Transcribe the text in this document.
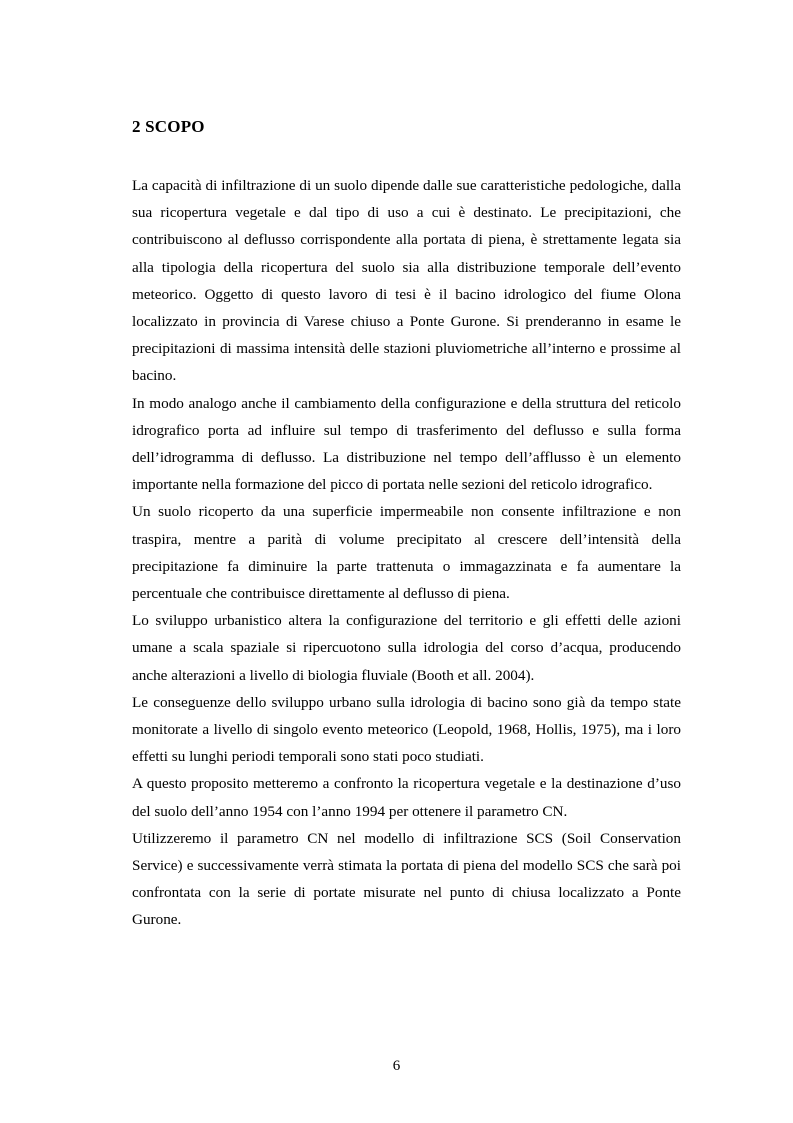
2 SCOPO

La capacità di infiltrazione di un suolo dipende dalle sue caratteristiche pedologiche, dalla sua ricopertura vegetale e dal tipo di uso a cui è destinato. Le precipitazioni, che contribuiscono al deflusso corrispondente alla portata di piena, è strettamente legata sia alla tipologia della ricopertura del suolo sia alla distribuzione temporale dell’evento meteorico. Oggetto di questo lavoro di tesi è il bacino idrologico del fiume Olona localizzato in provincia di Varese chiuso a Ponte Gurone. Si prenderanno in esame le precipitazioni di massima intensità delle stazioni pluviometriche all’interno e prossime al bacino.

In modo analogo anche il cambiamento della configurazione e della struttura del reticolo idrografico porta ad influire sul tempo di trasferimento del deflusso e sulla forma dell’idrogramma di deflusso. La distribuzione nel tempo dell’afflusso è un elemento importante nella formazione del picco di portata nelle sezioni del reticolo idrografico.

Un suolo ricoperto da una superficie impermeabile non consente infiltrazione e non traspira, mentre a parità di volume precipitato al crescere dell’intensità della precipitazione fa diminuire la parte trattenuta o immagazzinata e fa aumentare la percentuale che contribuisce direttamente al deflusso di piena.

Lo sviluppo urbanistico altera la configurazione del territorio e gli effetti delle azioni umane a scala spaziale si ripercuotono sulla idrologia del corso d’acqua, producendo anche alterazioni a livello di biologia fluviale (Booth et all. 2004).

Le conseguenze dello sviluppo urbano sulla idrologia di bacino sono già da tempo state monitorate a livello di singolo evento meteorico (Leopold, 1968, Hollis, 1975), ma i loro effetti su lunghi periodi temporali sono stati poco studiati.

A questo proposito metteremo a confronto la ricopertura vegetale e la destinazione d’uso del suolo dell’anno 1954 con l’anno 1994 per ottenere il parametro CN.

Utilizzeremo il parametro CN nel modello di infiltrazione SCS (Soil Conservation Service) e successivamente verrà stimata la portata di piena del modello SCS che sarà poi confrontata con la serie di portate misurate nel punto di chiusa localizzato a Ponte Gurone.

6
